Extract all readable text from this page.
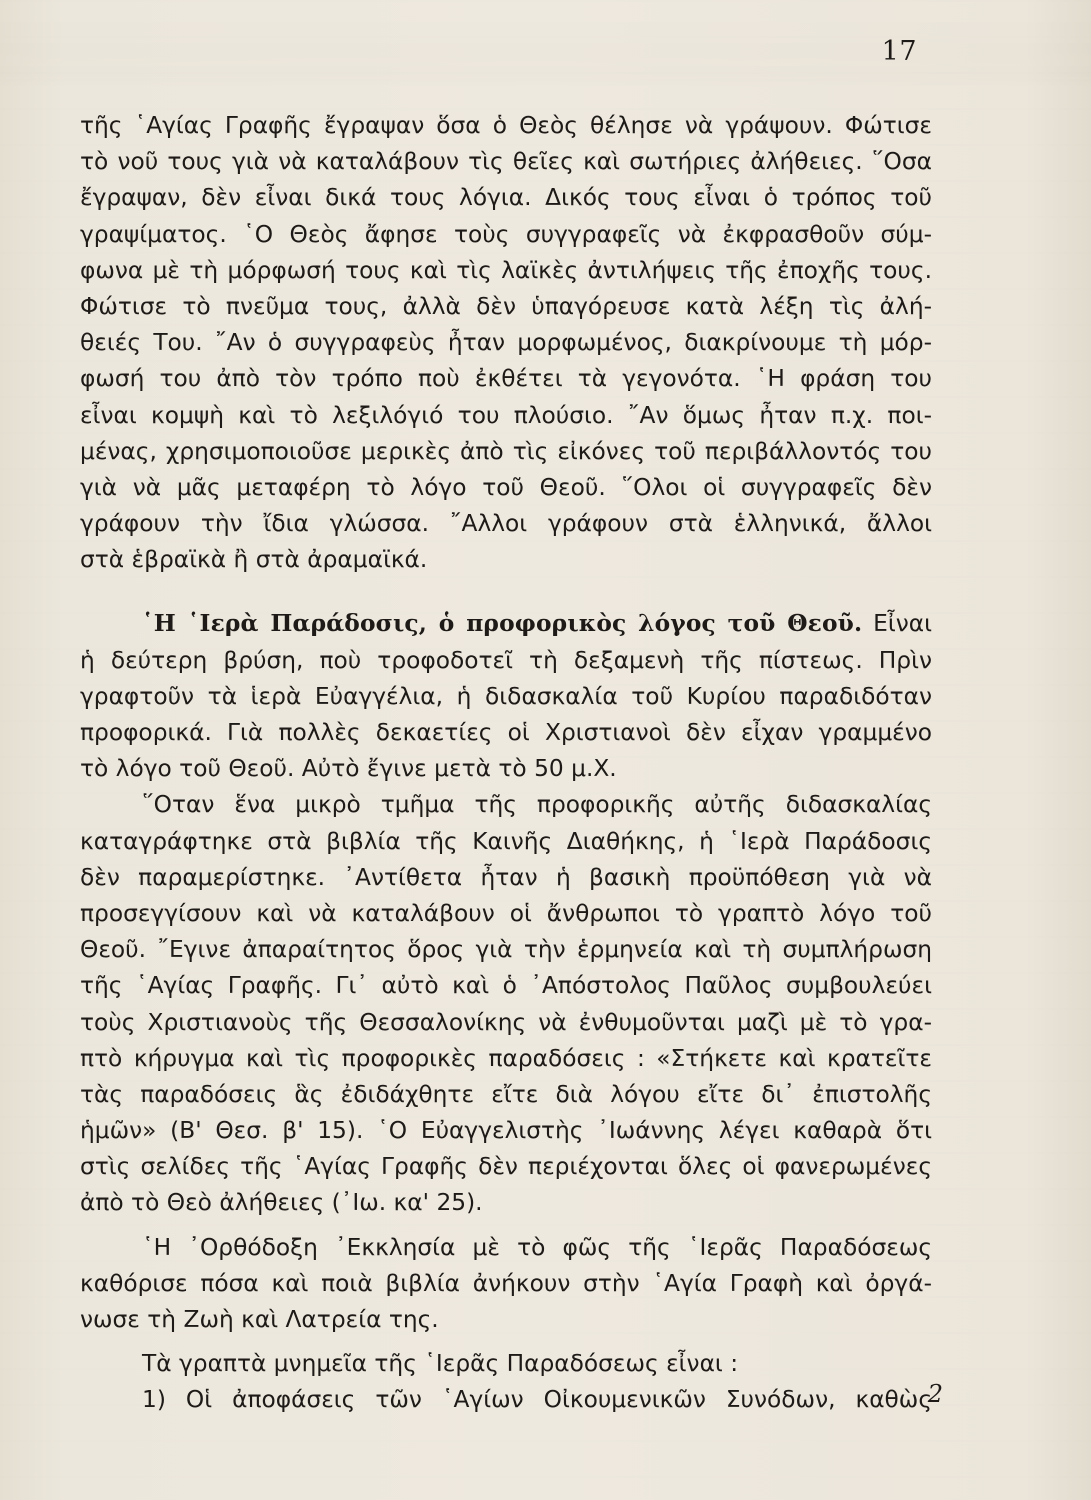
17
τῆς ῾Αγίας Γραφῆς ἔγραψαν ὅσα ὁ Θεὸς θέλησε νὰ γράψουν. Φώτισε
τὸ νοῦ τους γιὰ νὰ καταλάβουν τὶς θεῖες καὶ σωτήριες ἀλήθειες. ῞Οσα
ἔγραψαν, δὲν εἶναι δικά τους λόγια. Δικός τους εἶναι ὁ τρόπος τοῦ
γραψίματος. ῾Ο Θεὸς ἄφησε τοὺς συγγραφεῖς νὰ ἐκφρασθοῦν σύμ-
φωνα μὲ τὴ μόρφωσή τους καὶ τὶς λαϊκὲς ἀντιλήψεις τῆς ἐποχῆς τους.
Φώτισε τὸ πνεῦμα τους, ἀλλὰ δὲν ὑπαγόρευσε κατὰ λέξη τὶς ἀλή-
θειές Του. ῎Αν ὁ συγγραφεὺς ἦταν μορφωμένος, διακρίνουμε τὴ μόρ-
φωσή του ἀπὸ τὸν τρόπο ποὺ ἐκθέτει τὰ γεγονότα. ῾Η φράση του
εἶναι κομψὴ καὶ τὸ λεξιλόγιό του πλούσιο. ῎Αν ὅμως ἦταν π.χ. ποι-
μένας, χρησιμοποιοῦσε μερικὲς ἀπὸ τὶς εἰκόνες τοῦ περιβάλλοντός του
γιὰ νὰ μᾶς μεταφέρη τὸ λόγο τοῦ Θεοῦ. ῞Ολοι οἱ συγγραφεῖς δὲν
γράφουν τὴν ἴδια γλώσσα. ῎Αλλοι γράφουν στὰ ἑλληνικά, ἄλλοι
στὰ ἑβραϊκὰ ἢ στὰ ἀραμαϊκά.
῾Η ῾Ιερὰ Παράδοσις, ὁ προφορικὸς λόγος τοῦ Θεοῦ. Εἶναι
ἡ δεύτερη βρύση, ποὺ τροφοδοτεῖ τὴ δεξαμενὴ τῆς πίστεως. Πρὶν
γραφτοῦν τὰ ἱερὰ Εὐαγγέλια, ἡ διδασκαλία τοῦ Κυρίου παραδιδόταν
προφορικά. Γιὰ πολλὲς δεκαετίες οἱ Χριστιανοὶ δὲν εἶχαν γραμμένο
τὸ λόγο τοῦ Θεοῦ. Αὐτὸ ἔγινε μετὰ τὸ 50 μ.Χ.
῞Οταν ἕνα μικρὸ τμῆμα τῆς προφορικῆς αὐτῆς διδασκαλίας
καταγράφτηκε στὰ βιβλία τῆς Καινῆς Διαθήκης, ἡ ῾Ιερὰ Παράδοσις
δὲν παραμερίστηκε. ᾿Αντίθετα ἦταν ἡ βασικὴ προϋπόθεση γιὰ νὰ
προσεγγίσουν καὶ νὰ καταλάβουν οἱ ἄνθρωποι τὸ γραπτὸ λόγο τοῦ
Θεοῦ. ῎Εγινε ἀπαραίτητος ὅρος γιὰ τὴν ἑρμηνεία καὶ τὴ συμπλήρωση
τῆς ῾Αγίας Γραφῆς. Γι᾿ αὐτὸ καὶ ὁ ᾿Απόστολος Παῦλος συμβουλεύει
τοὺς Χριστιανοὺς τῆς Θεσσαλονίκης νὰ ἐνθυμοῦνται μαζὶ μὲ τὸ γρα-
πτὸ κήρυγμα καὶ τὶς προφορικὲς παραδόσεις : «Στήκετε καὶ κρατεῖτε
τὰς παραδόσεις ἃς ἐδιδάχθητε εἴτε διὰ λόγου εἴτε δι᾿ ἐπιστολῆς
ἡμῶν» (Β' Θεσ. β' 15). ῾Ο Εὐαγγελιστὴς ᾿Ιωάννης λέγει καθαρὰ ὅτι
στὶς σελίδες τῆς ῾Αγίας Γραφῆς δὲν περιέχονται ὅλες οἱ φανερωμένες
ἀπὸ τὸ Θεὸ ἀλήθειες (᾿Ιω. κα' 25).
῾Η ᾿Ορθόδοξη ᾿Εκκλησία μὲ τὸ φῶς τῆς ῾Ιερᾶς Παραδόσεως
καθόρισε πόσα καὶ ποιὰ βιβλία ἀνήκουν στὴν ῾Αγία Γραφὴ καὶ ὀργά-
νωσε τὴ Ζωὴ καὶ Λατρεία της.
Τὰ γραπτὰ μνημεῖα τῆς ῾Ιερᾶς Παραδόσεως εἶναι :
1) Οἱ ἀποφάσεις τῶν ῾Αγίων Οἰκουμενικῶν Συνόδων, καθὼς
2
